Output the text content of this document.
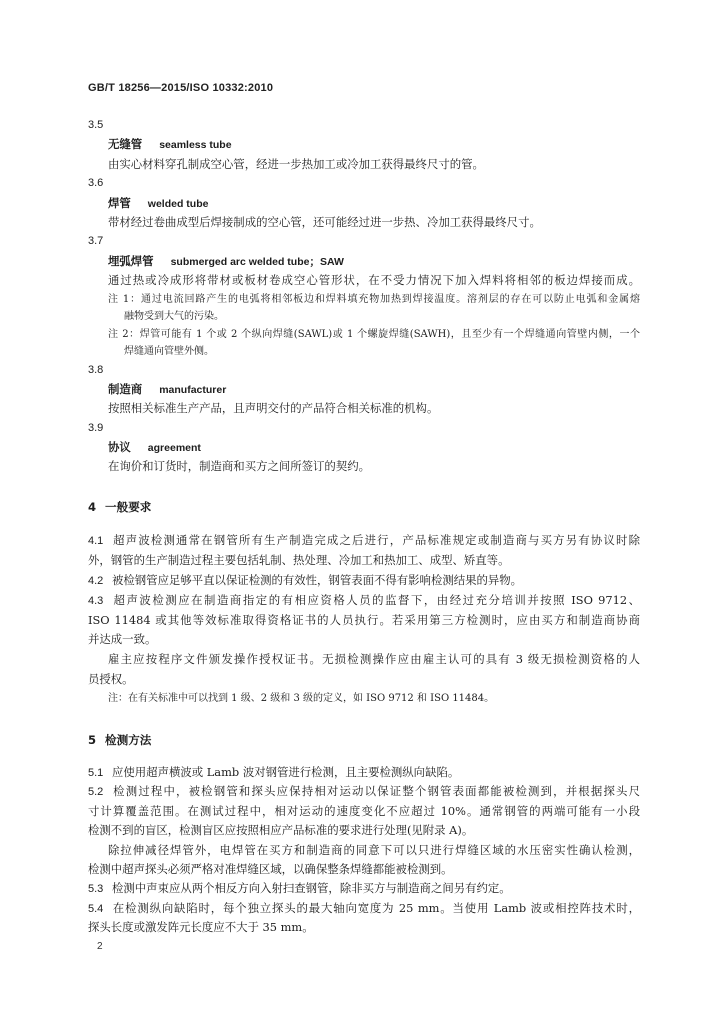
GB/T 18256—2015/ISO 10332:2010
3.5
无缝管 seamless tube
由实心材料穿孔制成空心管，经进一步热加工或冷加工获得最终尺寸的管。
3.6
焊管 welded tube
带材经过卷曲成型后焊接制成的空心管，还可能经过进一步热、冷加工获得最终尺寸。
3.7
埋弧焊管 submerged arc welded tube；SAW
通过热或冷成形将带材或板材卷成空心管形状，在不受力情况下加入焊料将相邻的板边焊接而成。
注 1：通过电流回路产生的电弧将相邻板边和焊料填充物加热到焊接温度。溶剂层的存在可以防止电弧和金属熔
融物受到大气的污染。
注 2：焊管可能有 1 个或 2 个纵向焊缝(SAWL)或 1 个螺旋焊缝(SAWH)，且至少有一个焊缝通向管壁内侧，一个
焊缝通向管壁外侧。
3.8
制造商 manufacturer
按照相关标准生产产品，且声明交付的产品符合相关标准的机构。
3.9
协议 agreement
在询价和订货时，制造商和买方之间所签订的契约。
4 一般要求
4.1 超声波检测通常在钢管所有生产制造完成之后进行，产品标准规定或制造商与买方另有协议时除
外，钢管的生产制造过程主要包括轧制、热处理、冷加工和热加工、成型、矫直等。
4.2 被检钢管应足够平直以保证检测的有效性，钢管表面不得有影响检测结果的异物。
4.3 超声波检测应在制造商指定的有相应资格人员的监督下，由经过充分培训并按照 ISO 9712、
ISO 11484 或其他等效标准取得资格证书的人员执行。若采用第三方检测时，应由买方和制造商协商
并达成一致。
雇主应按程序文件颁发操作授权证书。无损检测操作应由雇主认可的具有 3 级无损检测资格的人
员授权。
注：在有关标准中可以找到 1 级、2 级和 3 级的定义，如 ISO 9712 和 ISO 11484。
5 检测方法
5.1 应使用超声横波或 Lamb 波对钢管进行检测，且主要检测纵向缺陷。
5.2 检测过程中，被检钢管和探头应保持相对运动以保证整个钢管表面都能被检测到，并根据探头尺
寸计算覆盖范围。在测试过程中，相对运动的速度变化不应超过 10%。通常钢管的两端可能有一小段
检测不到的盲区，检测盲区应按照相应产品标准的要求进行处理(见附录 A)。
除拉伸减径焊管外，电焊管在买方和制造商的同意下可以只进行焊缝区域的水压密实性确认检测，
检测中超声探头必须严格对准焊缝区域，以确保整条焊缝都能被检测到。
5.3 检测中声束应从两个相反方向入射扫查钢管，除非买方与制造商之间另有约定。
5.4 在检测纵向缺陷时，每个独立探头的最大轴向宽度为 25 mm。当使用 Lamb 波或相控阵技术时，
探头长度或激发阵元长度应不大于 35 mm。
2
